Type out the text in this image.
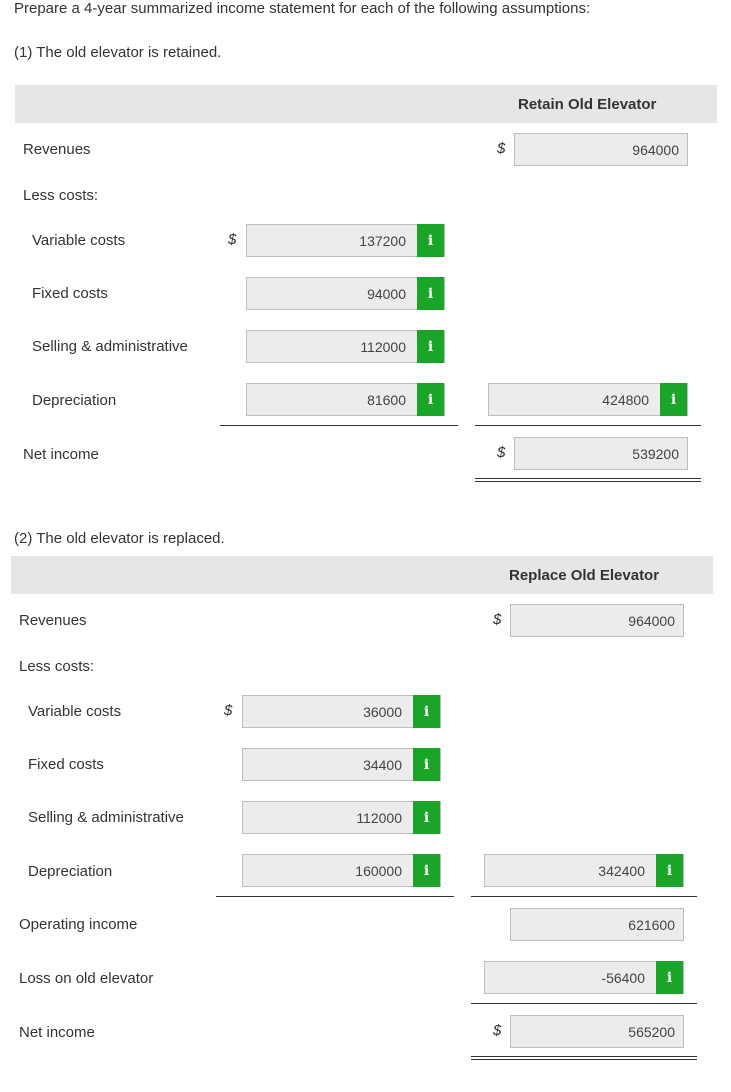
Prepare a 4-year summarized income statement for each of the following assumptions:
(1) The old elevator is retained.
Retain Old Elevator
Revenues	$	964000
Less costs:
Variable costs	$	137200	i
Fixed costs	94000	i
Selling & administrative	112000	i
Depreciation	81600	i	424800	i
Net income	$	539200
(2) The old elevator is replaced.
Replace Old Elevator
Revenues	$	964000
Less costs:
Variable costs	$	36000	i
Fixed costs	34400	i
Selling & administrative	112000	i
Depreciation	160000	i	342400	i
Operating income	621600
Loss on old elevator	-56400	i
Net income	$	565200
